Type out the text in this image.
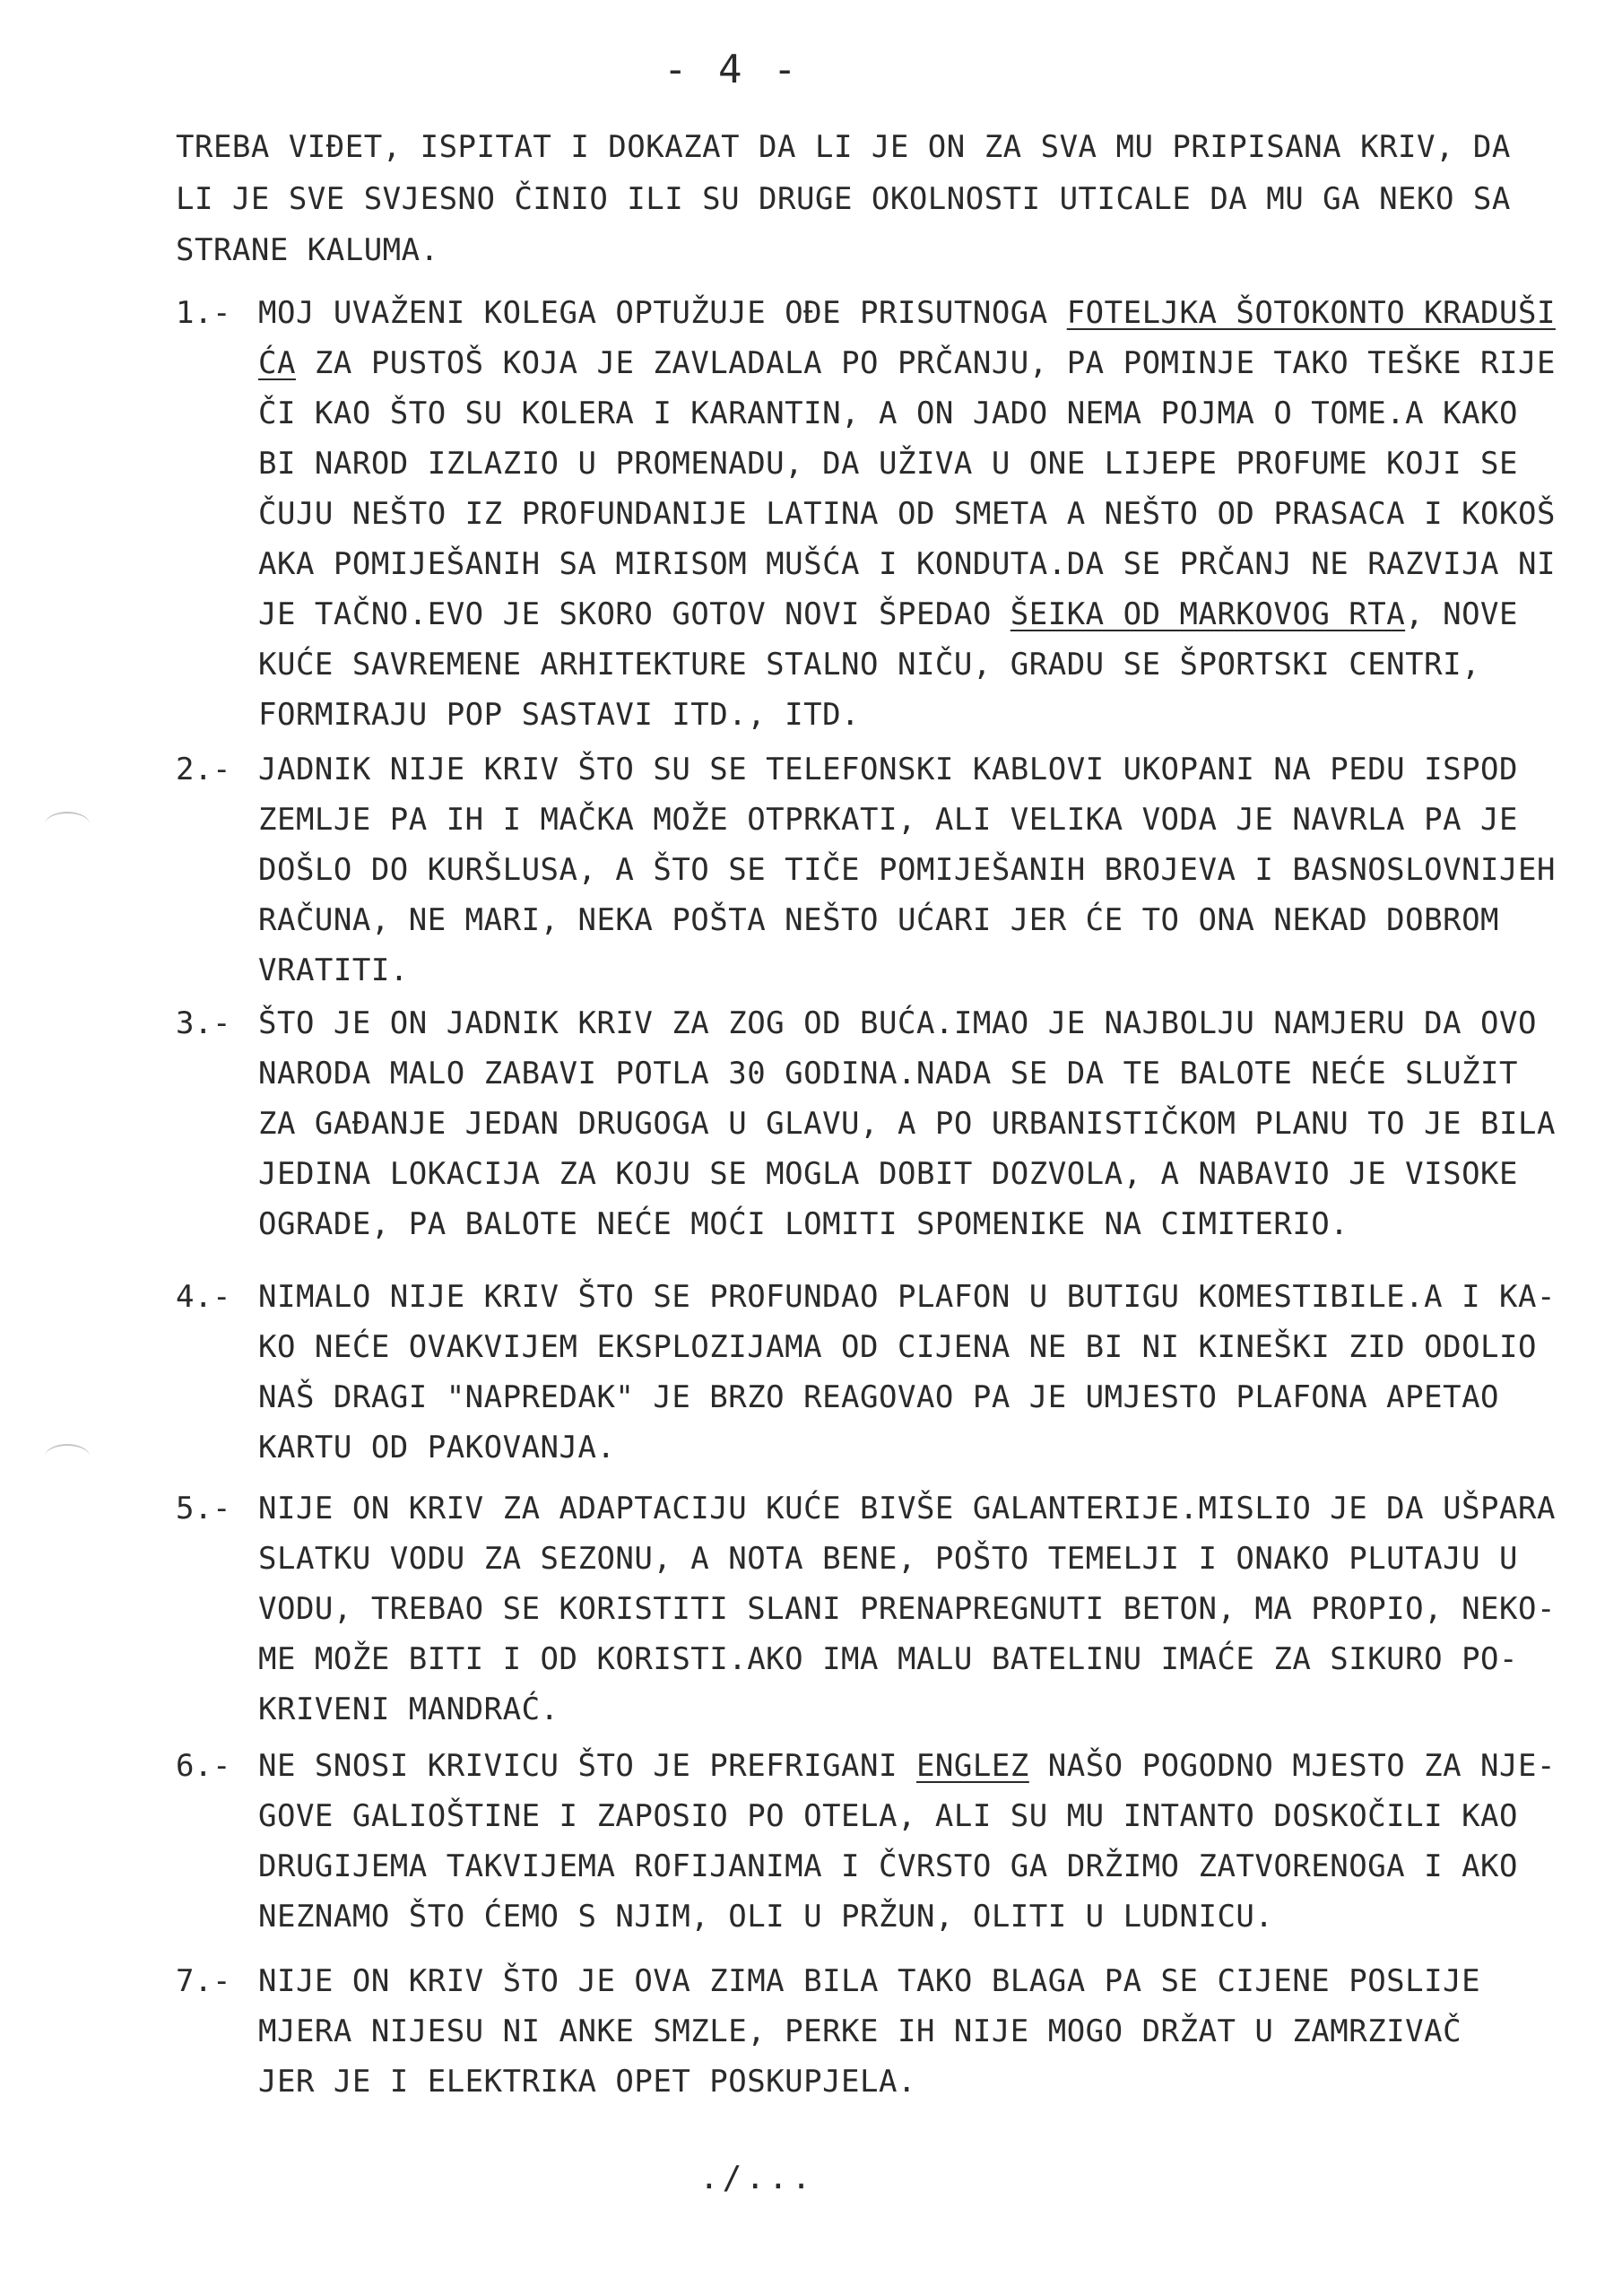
- 4 -
TREBA VIĐET, ISPITAT I DOKAZAT DA LI JE ON ZA SVA MU PRIPISANA KRIV, DA
LI JE SVE SVJESNO ČINIO ILI SU DRUGE OKOLNOSTI UTICALE DA MU GA NEKO SA
STRANE KALUMA.
1.- MOJ UVAŽENI KOLEGA OPTUŽUJE OĐE PRISUTNOGA FOTELJKA ŠOTOKONTO KRADUŠI
ĆA ZA PUSTOŠ KOJA JE ZAVLADALA PO PRČANJU, PA POMINJE TAKO TEŠKE RIJE
ČI KAO ŠTO SU KOLERA I KARANTIN, A ON JADO NEMA POJMA O TOME.A KAKO
BI NAROD IZLAZIO U PROMENADU, DA UŽIVA U ONE LIJEPE PROFUME KOJI SE
ČUJU NEŠTO IZ PROFUNDANIJE LATINA OD SMETA A NEŠTO OD PRASACA I KOKOŠ
AKA POMIJEŠANIH SA MIRISOM MUŠĆA I KONDUTA.DA SE PRČANJ NE RAZVIJA NI
JE TAČNO.EVO JE SKORO GOTOV NOVI ŠPEDAO ŠEIKA OD MARKOVOG RTA, NOVE
KUĆE SAVREMENE ARHITEKTURE STALNO NIČU, GRADU SE ŠPORTSKI CENTRI,
FORMIRAJU POP SASTAVI ITD., ITD.
2.- JADNIK NIJE KRIV ŠTO SU SE TELEFONSKI KABLOVI UKOPANI NA PEDU ISPOD
ZEMLJE PA IH I MAČKA MOŽE OTPRKATI, ALI VELIKA VODA JE NAVRLA PA JE
DOŠLO DO KURŠLUSA, A ŠTO SE TIČE POMIJEŠANIH BROJEVA I BASNOSLOVNIJEH
RAČUNA, NE MARI, NEKA POŠTA NEŠTO UĆARI JER ĆE TO ONA NEKAD DOBROM
VRATITI.
3.- ŠTO JE ON JADNIK KRIV ZA ZOG OD BUĆA.IMAO JE NAJBOLJU NAMJERU DA OVO
NARODA MALO ZABAVI POTLA 30 GODINA.NADA SE DA TE BALOTE NEĆE SLUŽIT
ZA GAĐANJE JEDAN DRUGOGA U GLAVU, A PO URBANISTIČKOM PLANU TO JE BILA
JEDINA LOKACIJA ZA KOJU SE MOGLA DOBIT DOZVOLA, A NABAVIO JE VISOKE
OGRADE, PA BALOTE NEĆE MOĆI LOMITI SPOMENIKE NA CIMITERIO.
4.- NIMALO NIJE KRIV ŠTO SE PROFUNDAO PLAFON U BUTIGU KOMESTIBILE.A I KA-
KO NEĆE OVAKVIJEM EKSPLOZIJAMA OD CIJENA NE BI NI KINEŠKI ZID ODOLIO
NAŠ DRAGI "NAPREDAK" JE BRZO REAGOVAO PA JE UMJESTO PLAFONA APETAO
KARTU OD PAKOVANJA.
5.- NIJE ON KRIV ZA ADAPTACIJU KUĆE BIVŠE GALANTERIJE.MISLIO JE DA UŠPARA
SLATKU VODU ZA SEZONU, A NOTA BENE, POŠTO TEMELJI I ONAKO PLUTAJU U
VODU, TREBAO SE KORISTITI SLANI PRENAPREGNUTI BETON, MA PROPIO, NEKO-
ME MOŽE BITI I OD KORISTI.AKO IMA MALU BATELINU IMAĆE ZA SIKURO PO-
KRIVENI MANDRAĆ.
6.- NE SNOSI KRIVICU ŠTO JE PREFRIGANI ENGLEZ NAŠO POGODNO MJESTO ZA NJE-
GOVE GALIOŠTINE I ZAPOSIO PO OTELA, ALI SU MU INTANTO DOSKOČILI KAO
DRUGIJEMA TAKVIJEMA ROFIJANIMA I ČVRSTO GA DRŽIMO ZATVORENOGA I AKO
NEZNAMO ŠTO ĆEMO S NJIM, OLI U PRŽUN, OLITI U LUDNICU.
7.- NIJE ON KRIV ŠTO JE OVA ZIMA BILA TAKO BLAGA PA SE CIJENE POSLIJE
MJERA NIJESU NI ANKE SMZLE, PERKE IH NIJE MOGO DRŽAT U ZAMRZIVAČ
JER JE I ELEKTRIKA OPET POSKUPJELA.
./...
